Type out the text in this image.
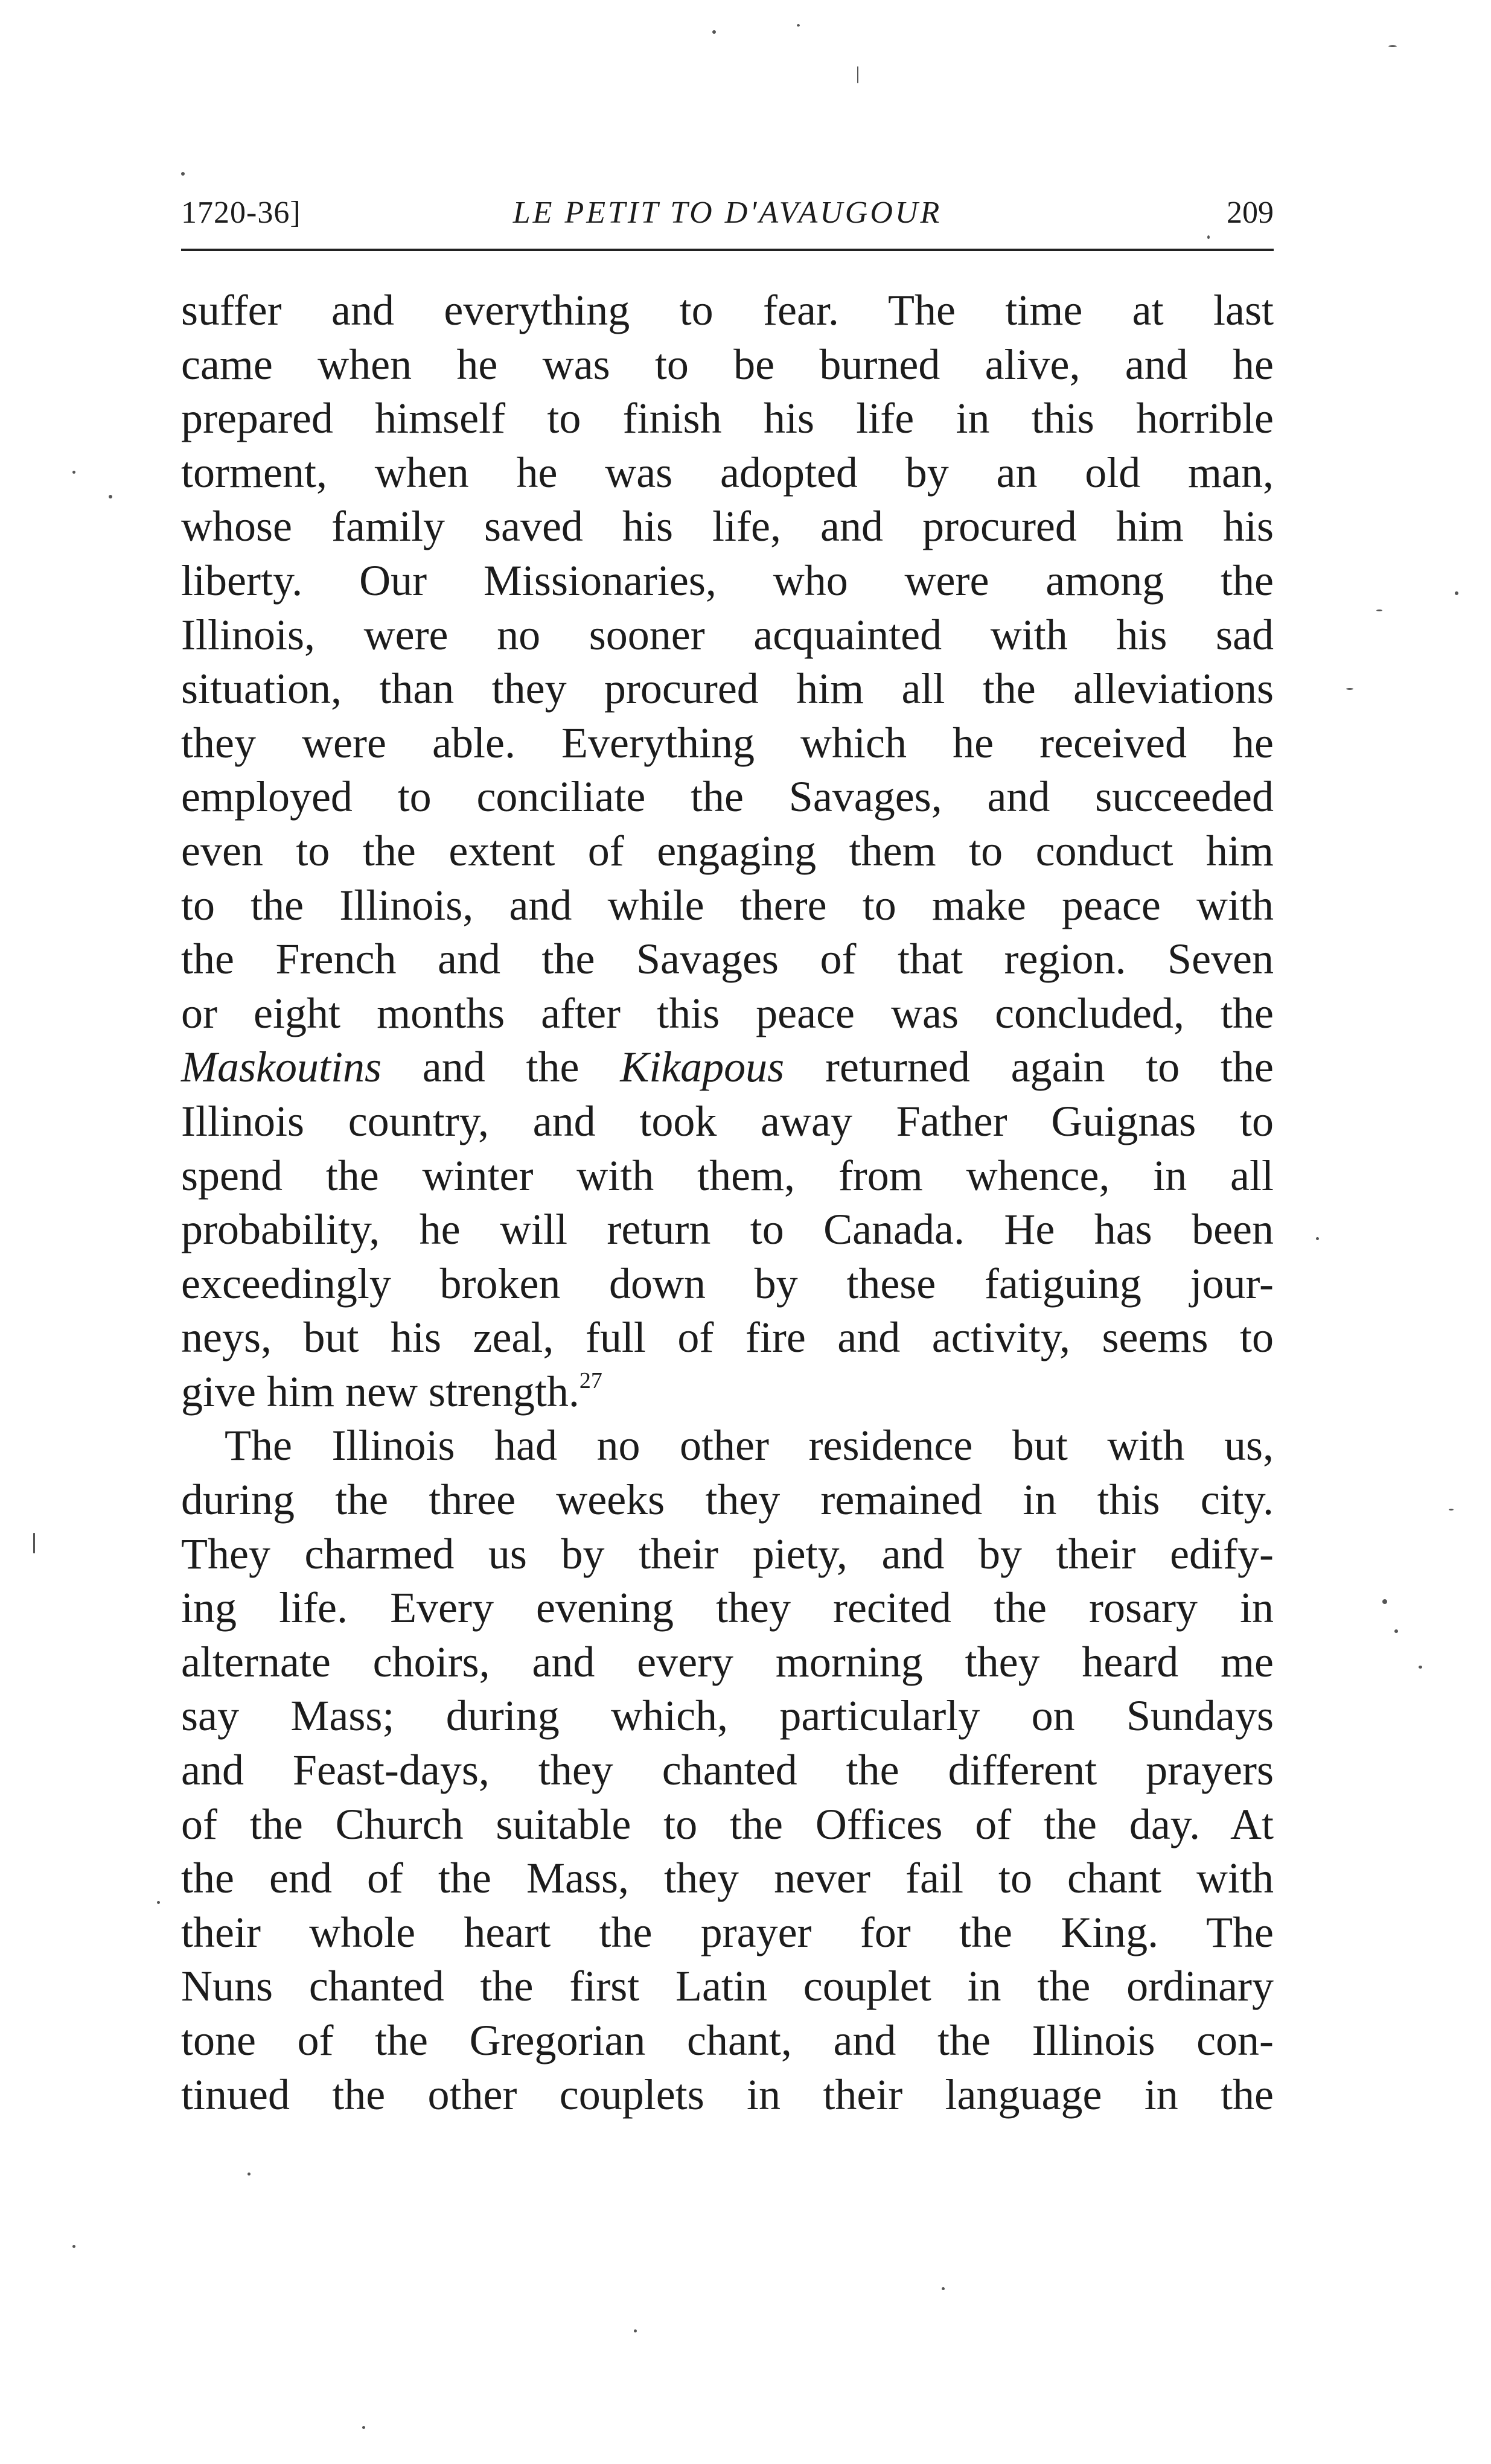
1720-36]	LE PETIT TO D'AVAUGOUR	209
suffer and everything to fear. The time at last
came when he was to be burned alive, and he
prepared himself to finish his life in this horrible
torment, when he was adopted by an old man,
whose family saved his life, and procured him his
liberty. Our Missionaries, who were among the
Illinois, were no sooner acquainted with his sad
situation, than they procured him all the alleviations
they were able. Everything which he received he
employed to conciliate the Savages, and succeeded
even to the extent of engaging them to conduct him
to the Illinois, and while there to make peace with
the French and the Savages of that region. Seven
or eight months after this peace was concluded, the
Maskoutins and the Kikapous returned again to the
Illinois country, and took away Father Guignas to
spend the winter with them, from whence, in all
probability, he will return to Canada. He has been
exceedingly broken down by these fatiguing jour-
neys, but his zeal, full of fire and activity, seems to
give him new strength.$^{27}$
The Illinois had no other residence but with us,
during the three weeks they remained in this city.
They charmed us by their piety, and by their edify-
ing life. Every evening they recited the rosary in
alternate choirs, and every morning they heard me
say Mass; during which, particularly on Sundays
and Feast-days, they chanted the different prayers
of the Church suitable to the Offices of the day. At
the end of the Mass, they never fail to chant with
their whole heart the prayer for the King. The
Nuns chanted the first Latin couplet in the ordinary
tone of the Gregorian chant, and the Illinois con-
tinued the other couplets in their language in the
